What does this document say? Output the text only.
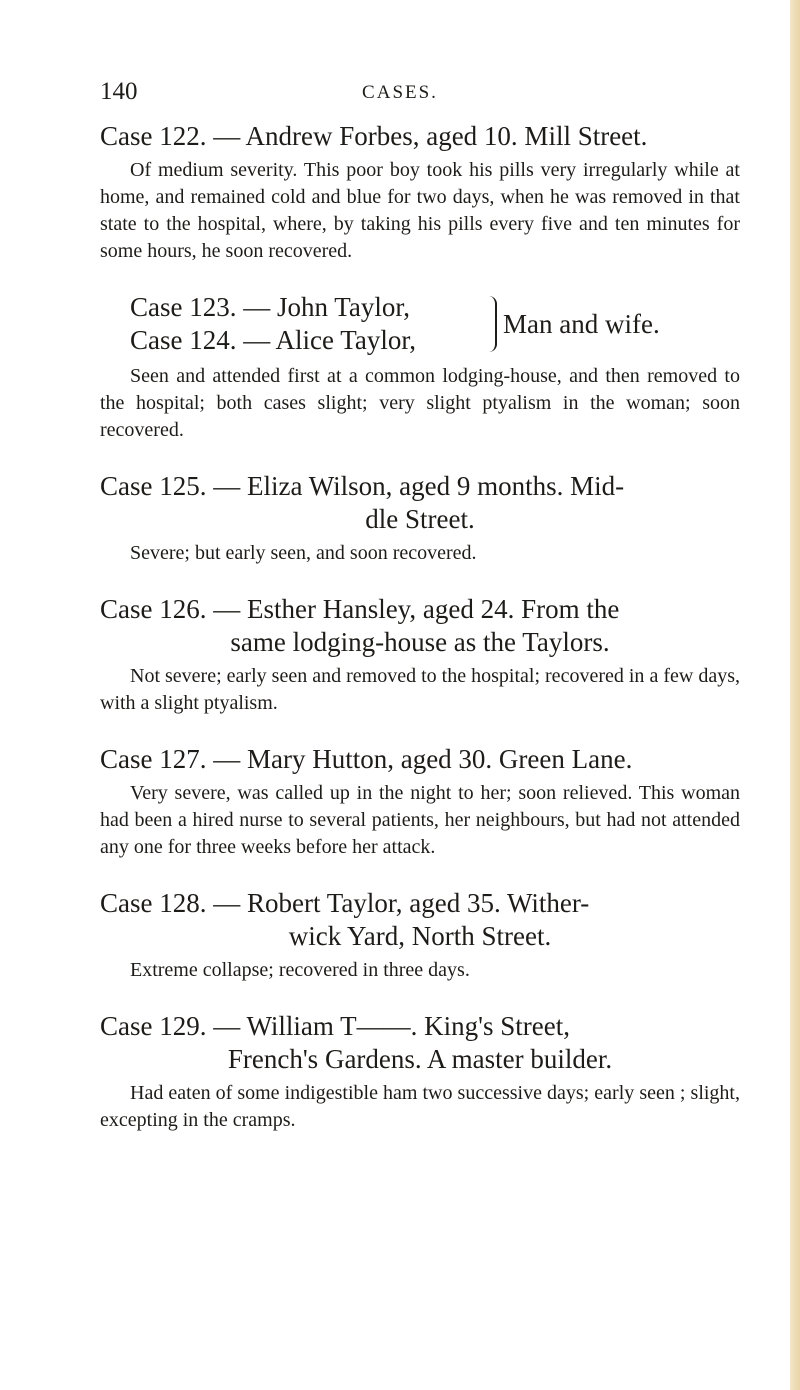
140	CASES.

Case 122. — Andrew Forbes, aged 10. Mill Street.

Of medium severity. This poor boy took his pills very irregularly while at home, and remained cold and blue for two days, when he was removed in that state to the hospital, where, by taking his pills every five and ten minutes for some hours, he soon recovered.

Case 123. — John Taylor,
Case 124. — Alice Taylor,
Man and wife.

Seen and attended first at a common lodging-house, and then removed to the hospital; both cases slight; very slight ptyalism in the woman; soon recovered.

Case 125. — Eliza Wilson, aged 9 months. Mid-
dle Street.

Severe; but early seen, and soon recovered.

Case 126. — Esther Hansley, aged 24. From the
same lodging-house as the Taylors.

Not severe; early seen and removed to the hospital; recovered in a few days, with a slight ptyalism.

Case 127. — Mary Hutton, aged 30. Green Lane.

Very severe, was called up in the night to her; soon relieved. This woman had been a hired nurse to several patients, her neighbours, but had not attended any one for three weeks before her attack.

Case 128. — Robert Taylor, aged 35. Wither-
wick Yard, North Street.

Extreme collapse; recovered in three days.

Case 129. — William T——. King's Street,
French's Gardens. A master builder.

Had eaten of some indigestible ham two successive days; early seen ; slight, excepting in the cramps.
